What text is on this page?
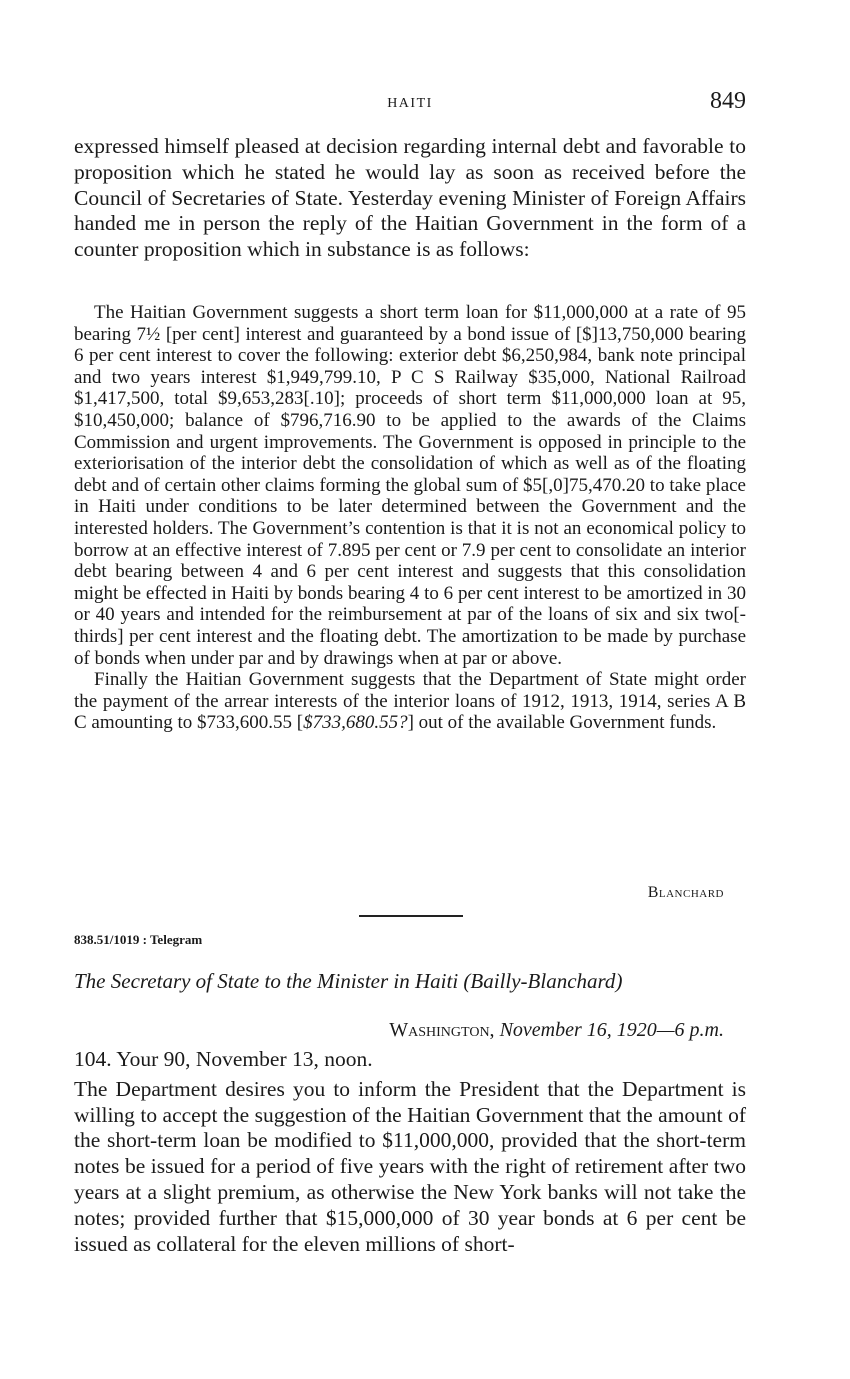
HAITI	849

expressed himself pleased at decision regarding internal debt and favorable to proposition which he stated he would lay as soon as received before the Council of Secretaries of State. Yesterday evening Minister of Foreign Affairs handed me in person the reply of the Haitian Government in the form of a counter proposition which in substance is as follows:

The Haitian Government suggests a short term loan for $11,000,000 at a rate of 95 bearing 7½ [per cent] interest and guaranteed by a bond issue of [$]13,750,000 bearing 6 per cent interest to cover the following: exterior debt $6,250,984, bank note principal and two years interest $1,949,799.10, P C S Railway $35,000, National Railroad $1,417,500, total $9,653,283[.10]; proceeds of short term $11,000,000 loan at 95, $10,450,000; balance of $796,716.90 to be applied to the awards of the Claims Commission and urgent improvements. The Government is opposed in principle to the exteriorisation of the interior debt the consolidation of which as well as of the floating debt and of certain other claims forming the global sum of $5[,0]75,470.20 to take place in Haiti under conditions to be later determined between the Government and the interested holders. The Government’s contention is that it is not an economical policy to borrow at an effective interest of 7.895 per cent or 7.9 per cent to consolidate an interior debt bearing between 4 and 6 per cent interest and suggests that this consolidation might be effected in Haiti by bonds bearing 4 to 6 per cent interest to be amortized in 30 or 40 years and intended for the reimbursement at par of the loans of six and six two[-thirds] per cent interest and the floating debt. The amortization to be made by purchase of bonds when under par and by drawings when at par or above.

Finally the Haitian Government suggests that the Department of State might order the payment of the arrear interests of the interior loans of 1912, 1913, 1914, series A B C amounting to $733,600.55 [$733,680.55?] out of the available Government funds.

Blanchard
838.51/1019 : Telegram
The Secretary of State to the Minister in Haiti (Bailly-Blanchard)
Washington, November 16, 1920—6 p.m.

104. Your 90, November 13, noon.

The Department desires you to inform the President that the Department is willing to accept the suggestion of the Haitian Government that the amount of the short-term loan be modified to $11,000,000, provided that the short-term notes be issued for a period of five years with the right of retirement after two years at a slight premium, as otherwise the New York banks will not take the notes; provided further that $15,000,000 of 30 year bonds at 6 per cent be issued as collateral for the eleven millions of short-
